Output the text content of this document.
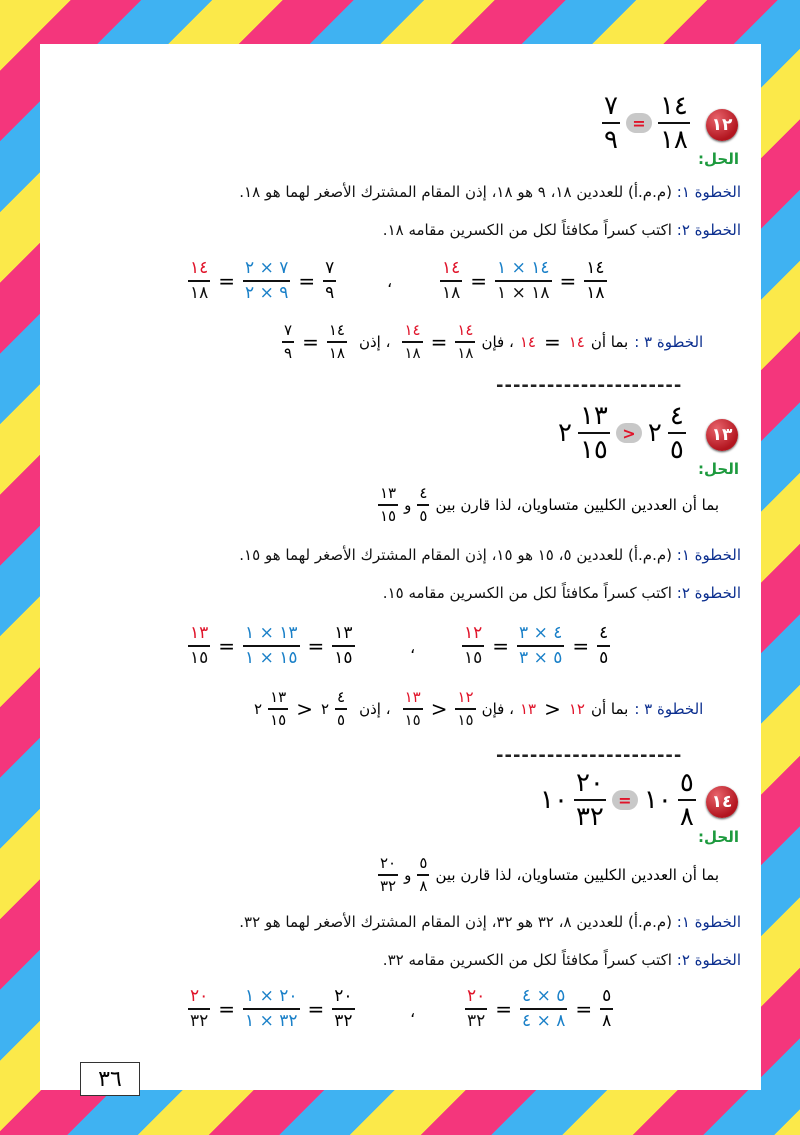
١٢
$\frac{٧}{٩} = \frac{١٤}{١٨}$
الحل:
الخطوة ١: (م.م.أ) للعددين ١٨، ٩ هو ١٨، إذن المقام المشترك الأصغر لهما هو ١٨.
الخطوة ٢: اكتب كسراً مكافئاً لكل من الكسرين مقامه ١٨.
$\frac{١٤}{١٨} = \frac{٧ \times ٢}{٩ \times ٢} = \frac{٧}{٩}$	،	$\frac{١٤}{١٨} = \frac{١٤ \times ١}{١٨ \times ١} = \frac{١٤}{١٨}$
$\frac{٧}{٩} = \frac{١٤}{١٨}$ ، إذن $\frac{١٤}{١٨} = \frac{١٤}{١٨}$ ، فإن ١٤ = ١٤ بما أن الخطوة ٣ :
----------------------
١٣
٢ $\frac{١٣}{١٥}$ > ٢ $\frac{٤}{٥}$
الحل:
$\frac{١٣}{١٥}$ و $\frac{٤}{٥}$ بما أن العددين الكليين متساويان، لذا قارن بين
الخطوة ١: (م.م.أ) للعددين ٥، ١٥ هو ١٥، إذن المقام المشترك الأصغر لهما هو ١٥.
الخطوة ٢: اكتب كسراً مكافئاً لكل من الكسرين مقامه ١٥.
$\frac{١٣}{١٥} = \frac{١٣ \times ١}{١٥ \times ١} = \frac{١٣}{١٥}$	،	$\frac{١٢}{١٥} = \frac{٤ \times ٣}{٥ \times ٣} = \frac{٤}{٥}$
٢ $\frac{١٣}{١٥}$ > ٢ $\frac{٤}{٥}$ ، إذن $\frac{١٣}{١٥} > \frac{١٢}{١٥}$ ، فإن ١٣ > ١٢ بما أن الخطوة ٣ :
----------------------
١٤
١٠ $\frac{٢٠}{٣٢}$ = ١٠ $\frac{٥}{٨}$
الحل:
$\frac{٢٠}{٣٢}$ و $\frac{٥}{٨}$ بما أن العددين الكليين متساويان، لذا قارن بين
الخطوة ١: (م.م.أ) للعددين ٨، ٣٢ هو ٣٢، إذن المقام المشترك الأصغر لهما هو ٣٢.
الخطوة ٢: اكتب كسراً مكافئاً لكل من الكسرين مقامه ٣٢.
$\frac{٢٠}{٣٢} = \frac{٢٠ \times ١}{٣٢ \times ١} = \frac{٢٠}{٣٢}$	،	$\frac{٢٠}{٣٢} = \frac{٥ \times ٤}{٨ \times ٤} = \frac{٥}{٨}$
٣٦
